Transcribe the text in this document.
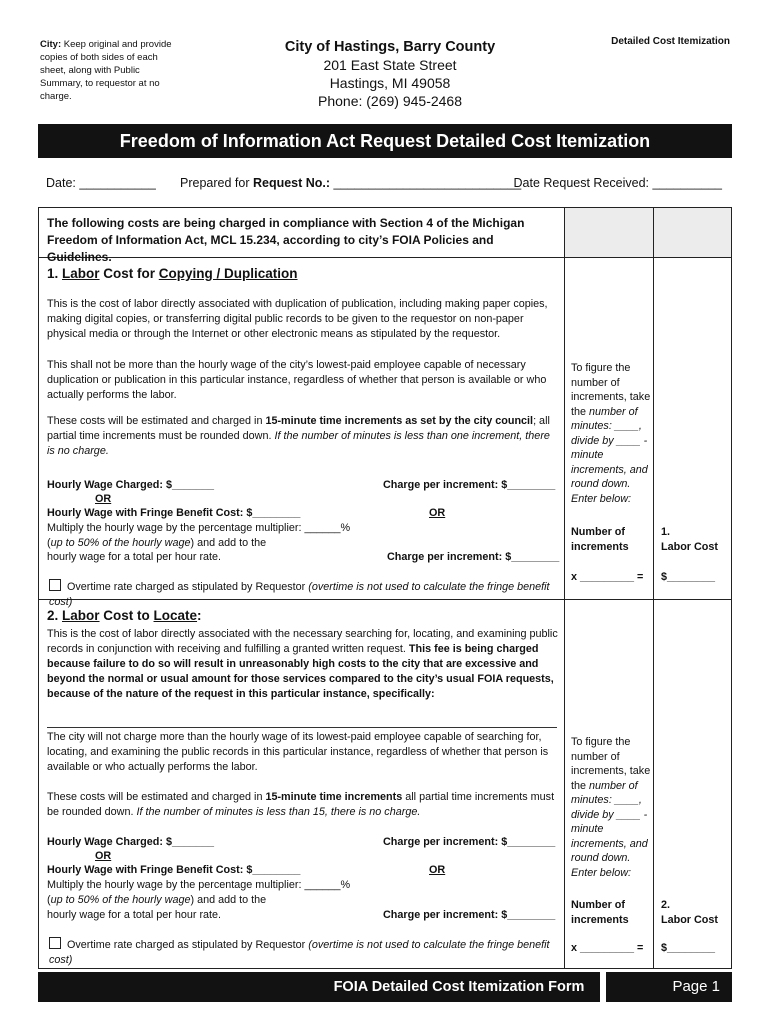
City: Keep original and provide copies of both sides of each sheet, along with Public Summary, to requestor at no charge.
City of Hastings, Barry County
201 East State Street
Hastings, MI 49058
Phone: (269) 945-2468
Detailed Cost Itemization
Freedom of Information Act Request Detailed Cost Itemization
Date: ___________ Prepared for Request No.: ___________________________
Date Request Received: __________
The following costs are being charged in compliance with Section 4 of the Michigan Freedom of Information Act, MCL 15.234, according to city’s FOIA Policies and Guidelines.
1. Labor Cost for Copying / Duplication
This is the cost of labor directly associated with duplication of publication, including making paper copies, making digital copies, or transferring digital public records to be given to the requestor on non-paper physical media or through the Internet or other electronic means as stipulated by the requestor.
This shall not be more than the hourly wage of the city’s lowest-paid employee capable of necessary duplication or publication in this particular instance, regardless of whether that person is available or who actually performs the labor.
These costs will be estimated and charged in 15-minute time increments as set by the city council; all partial time increments must be rounded down. If the number of minutes is less than one increment, there is no charge.
Hourly Wage Charged: $_______	Charge per increment: $________
OR
Hourly Wage with Fringe Benefit Cost: $________	OR
Multiply the hourly wage by the percentage multiplier: ______%
(up to 50% of the hourly wage) and add to the
hourly wage for a total per hour rate.	Charge per increment: $________
Overtime rate charged as stipulated by Requestor (overtime is not used to calculate the fringe benefit cost)
To figure the number of increments, take the number of minutes: ____, divide by ____ -minute increments, and round down.
Enter below:
Number of increments
1.
Labor Cost
x _________ =	$________
2. Labor Cost to Locate:
This is the cost of labor directly associated with the necessary searching for, locating, and examining public records in conjunction with receiving and fulfilling a granted written request. This fee is being charged because failure to do so will result in unreasonably high costs to the city that are excessive and beyond the normal or usual amount for those services compared to the city’s usual FOIA requests, because of the nature of the request in this particular instance, specifically:
The city will not charge more than the hourly wage of its lowest-paid employee capable of searching for, locating, and examining the public records in this particular instance, regardless of whether that person is available or who actually performs the labor.
These costs will be estimated and charged in 15-minute time increments all partial time increments must be rounded down. If the number of minutes is less than 15, there is no charge.
Hourly Wage Charged: $_______	Charge per increment: $________
OR
Hourly Wage with Fringe Benefit Cost: $________	OR
Multiply the hourly wage by the percentage multiplier: ______%
(up to 50% of the hourly wage) and add to the
hourly wage for a total per hour rate.	Charge per increment: $________
Overtime rate charged as stipulated by Requestor (overtime is not used to calculate the fringe benefit cost)
To figure the number of increments, take the number of minutes: ____, divide by ____ -minute increments, and round down.
Enter below:
Number of increments
2.
Labor Cost
x _________ =	$________
FOIA Detailed Cost Itemization Form	Page 1
